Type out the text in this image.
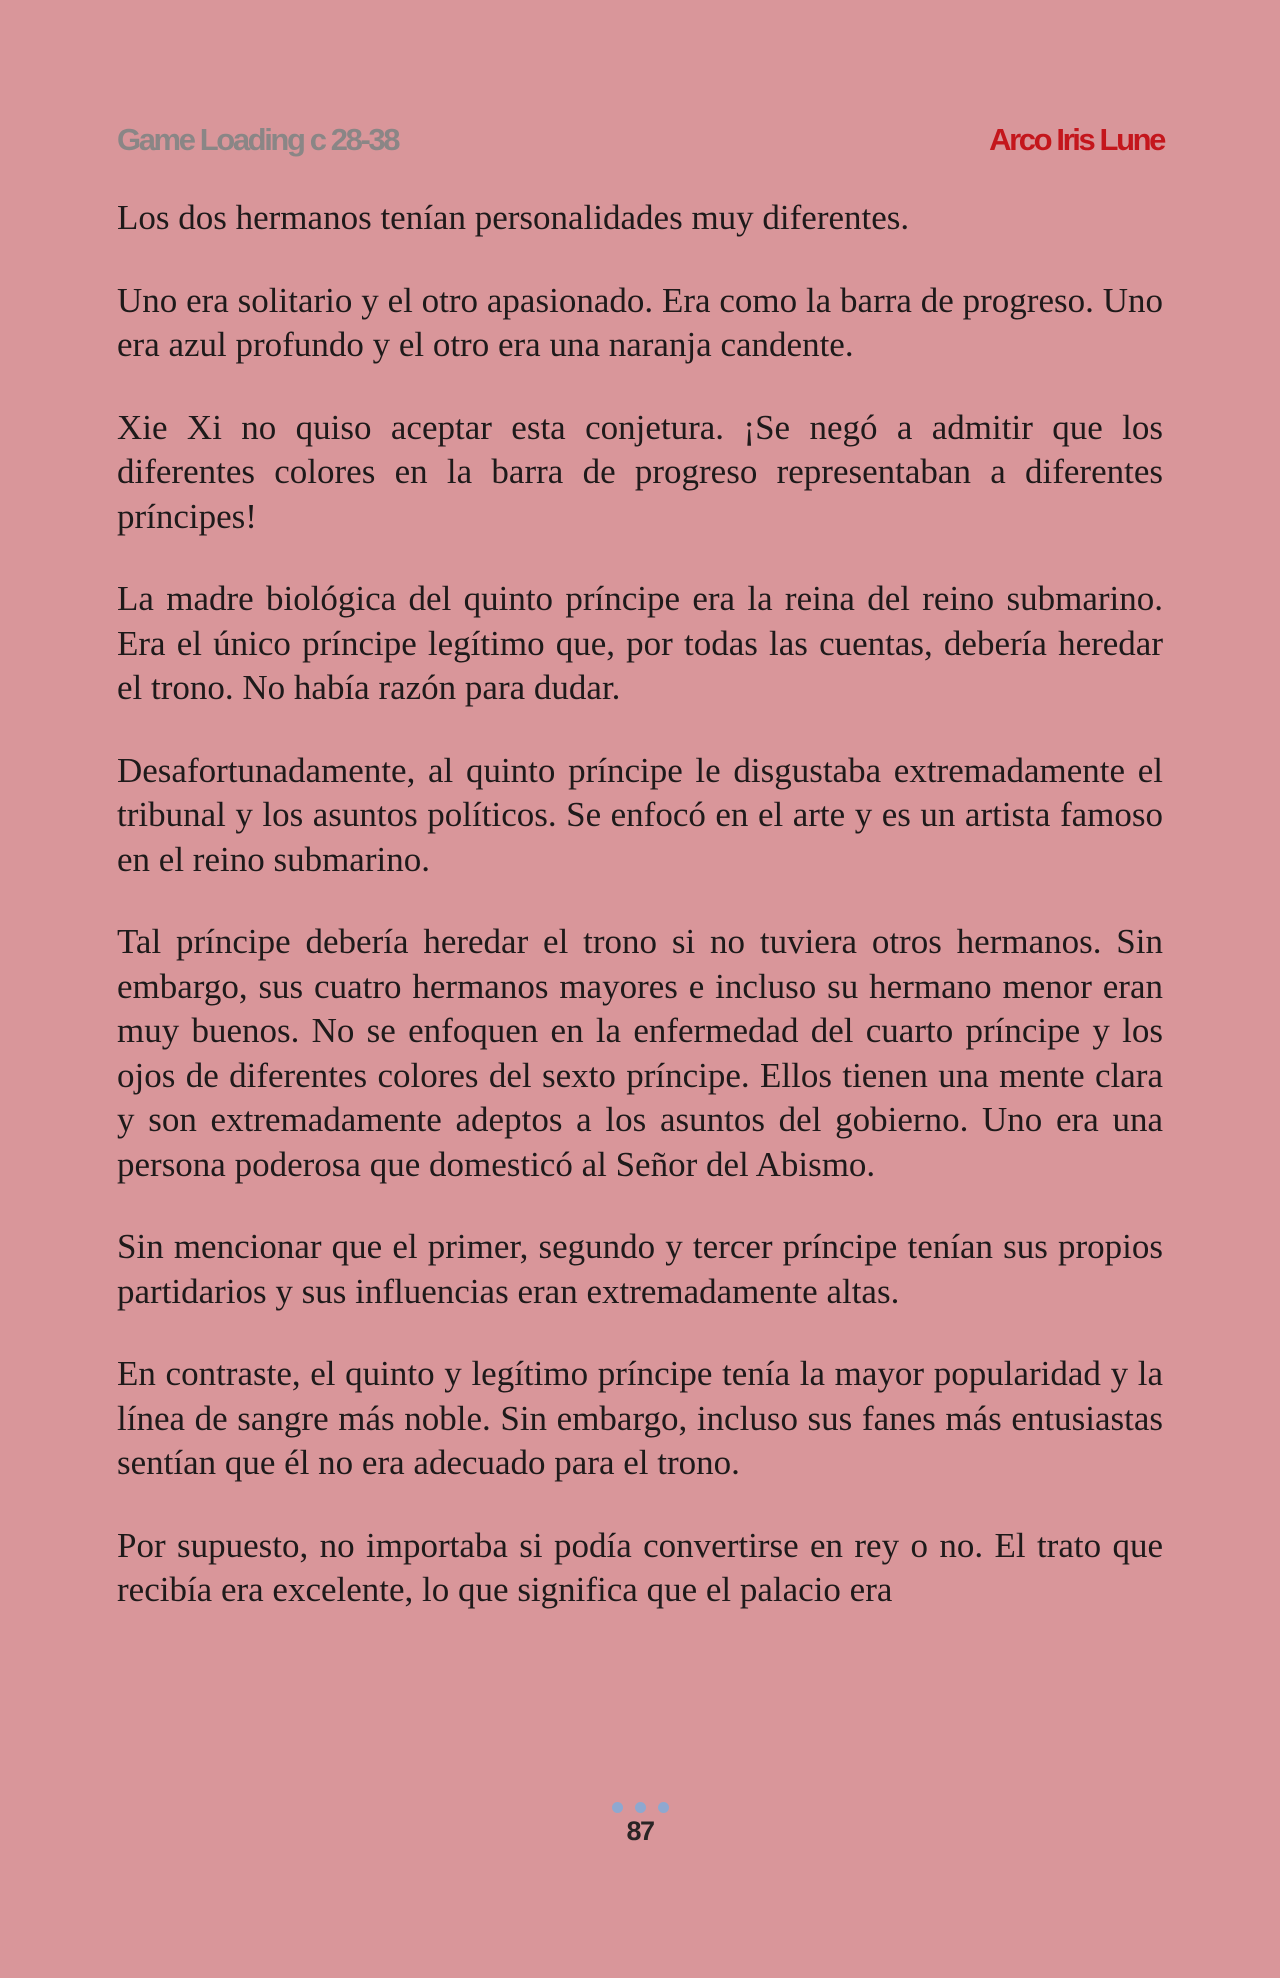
Game Loading c 28-38	Arco Iris Lune

Los dos hermanos tenían personalidades muy diferentes.

Uno era solitario y el otro apasionado. Era como la barra de progreso. Uno era azul profundo y el otro era una naranja candente.

Xie Xi no quiso aceptar esta conjetura. ¡Se negó a admitir que los diferentes colores en la barra de progreso representaban a diferentes príncipes!

La madre biológica del quinto príncipe era la reina del reino submarino. Era el único príncipe legítimo que, por todas las cuentas, debería heredar el trono. No había razón para dudar.

Desafortunadamente, al quinto príncipe le disgustaba extremadamente el tribunal y los asuntos políticos. Se enfocó en el arte y es un artista famoso en el reino submarino.

Tal príncipe debería heredar el trono si no tuviera otros hermanos. Sin embargo, sus cuatro hermanos mayores e incluso su hermano menor eran muy buenos. No se enfoquen en la enfermedad del cuarto príncipe y los ojos de diferentes colores del sexto príncipe. Ellos tienen una mente clara y son extremadamente adeptos a los asuntos del gobierno. Uno era una persona poderosa que domesticó al Señor del Abismo.

Sin mencionar que el primer, segundo y tercer príncipe tenían sus propios partidarios y sus influencias eran extremadamente altas.

En contraste, el quinto y legítimo príncipe tenía la mayor popularidad y la línea de sangre más noble. Sin embargo, incluso sus fanes más entusiastas sentían que él no era adecuado para el trono.

Por supuesto, no importaba si podía convertirse en rey o no. El trato que recibía era excelente, lo que significa que el palacio era

87
